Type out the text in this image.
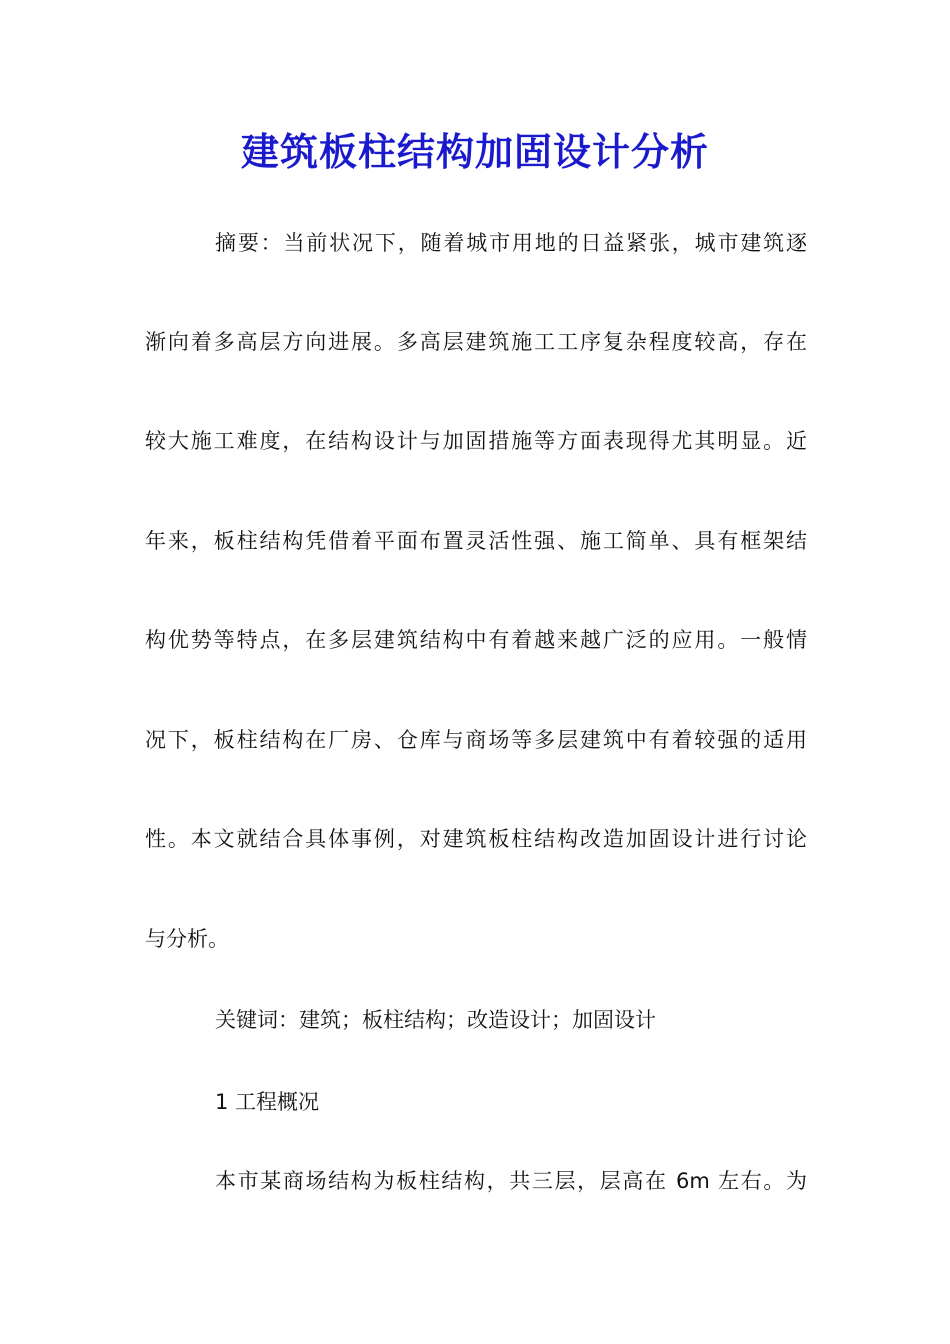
建筑板柱结构加固设计分析

摘要：当前状况下，随着城市用地的日益紧张，城市建筑逐

渐向着多高层方向进展。多高层建筑施工工序复杂程度较高，存在

较大施工难度，在结构设计与加固措施等方面表现得尤其明显。近

年来，板柱结构凭借着平面布置灵活性强、施工简单、具有框架结

构优势等特点，在多层建筑结构中有着越来越广泛的应用。一般情

况下，板柱结构在厂房、仓库与商场等多层建筑中有着较强的适用

性。本文就结合具体事例，对建筑板柱结构改造加固设计进行讨论

与分析。

关键词：建筑；板柱结构；改造设计；加固设计

1 工程概况

本市某商场结构为板柱结构，共三层，层高在 6m 左右。为
